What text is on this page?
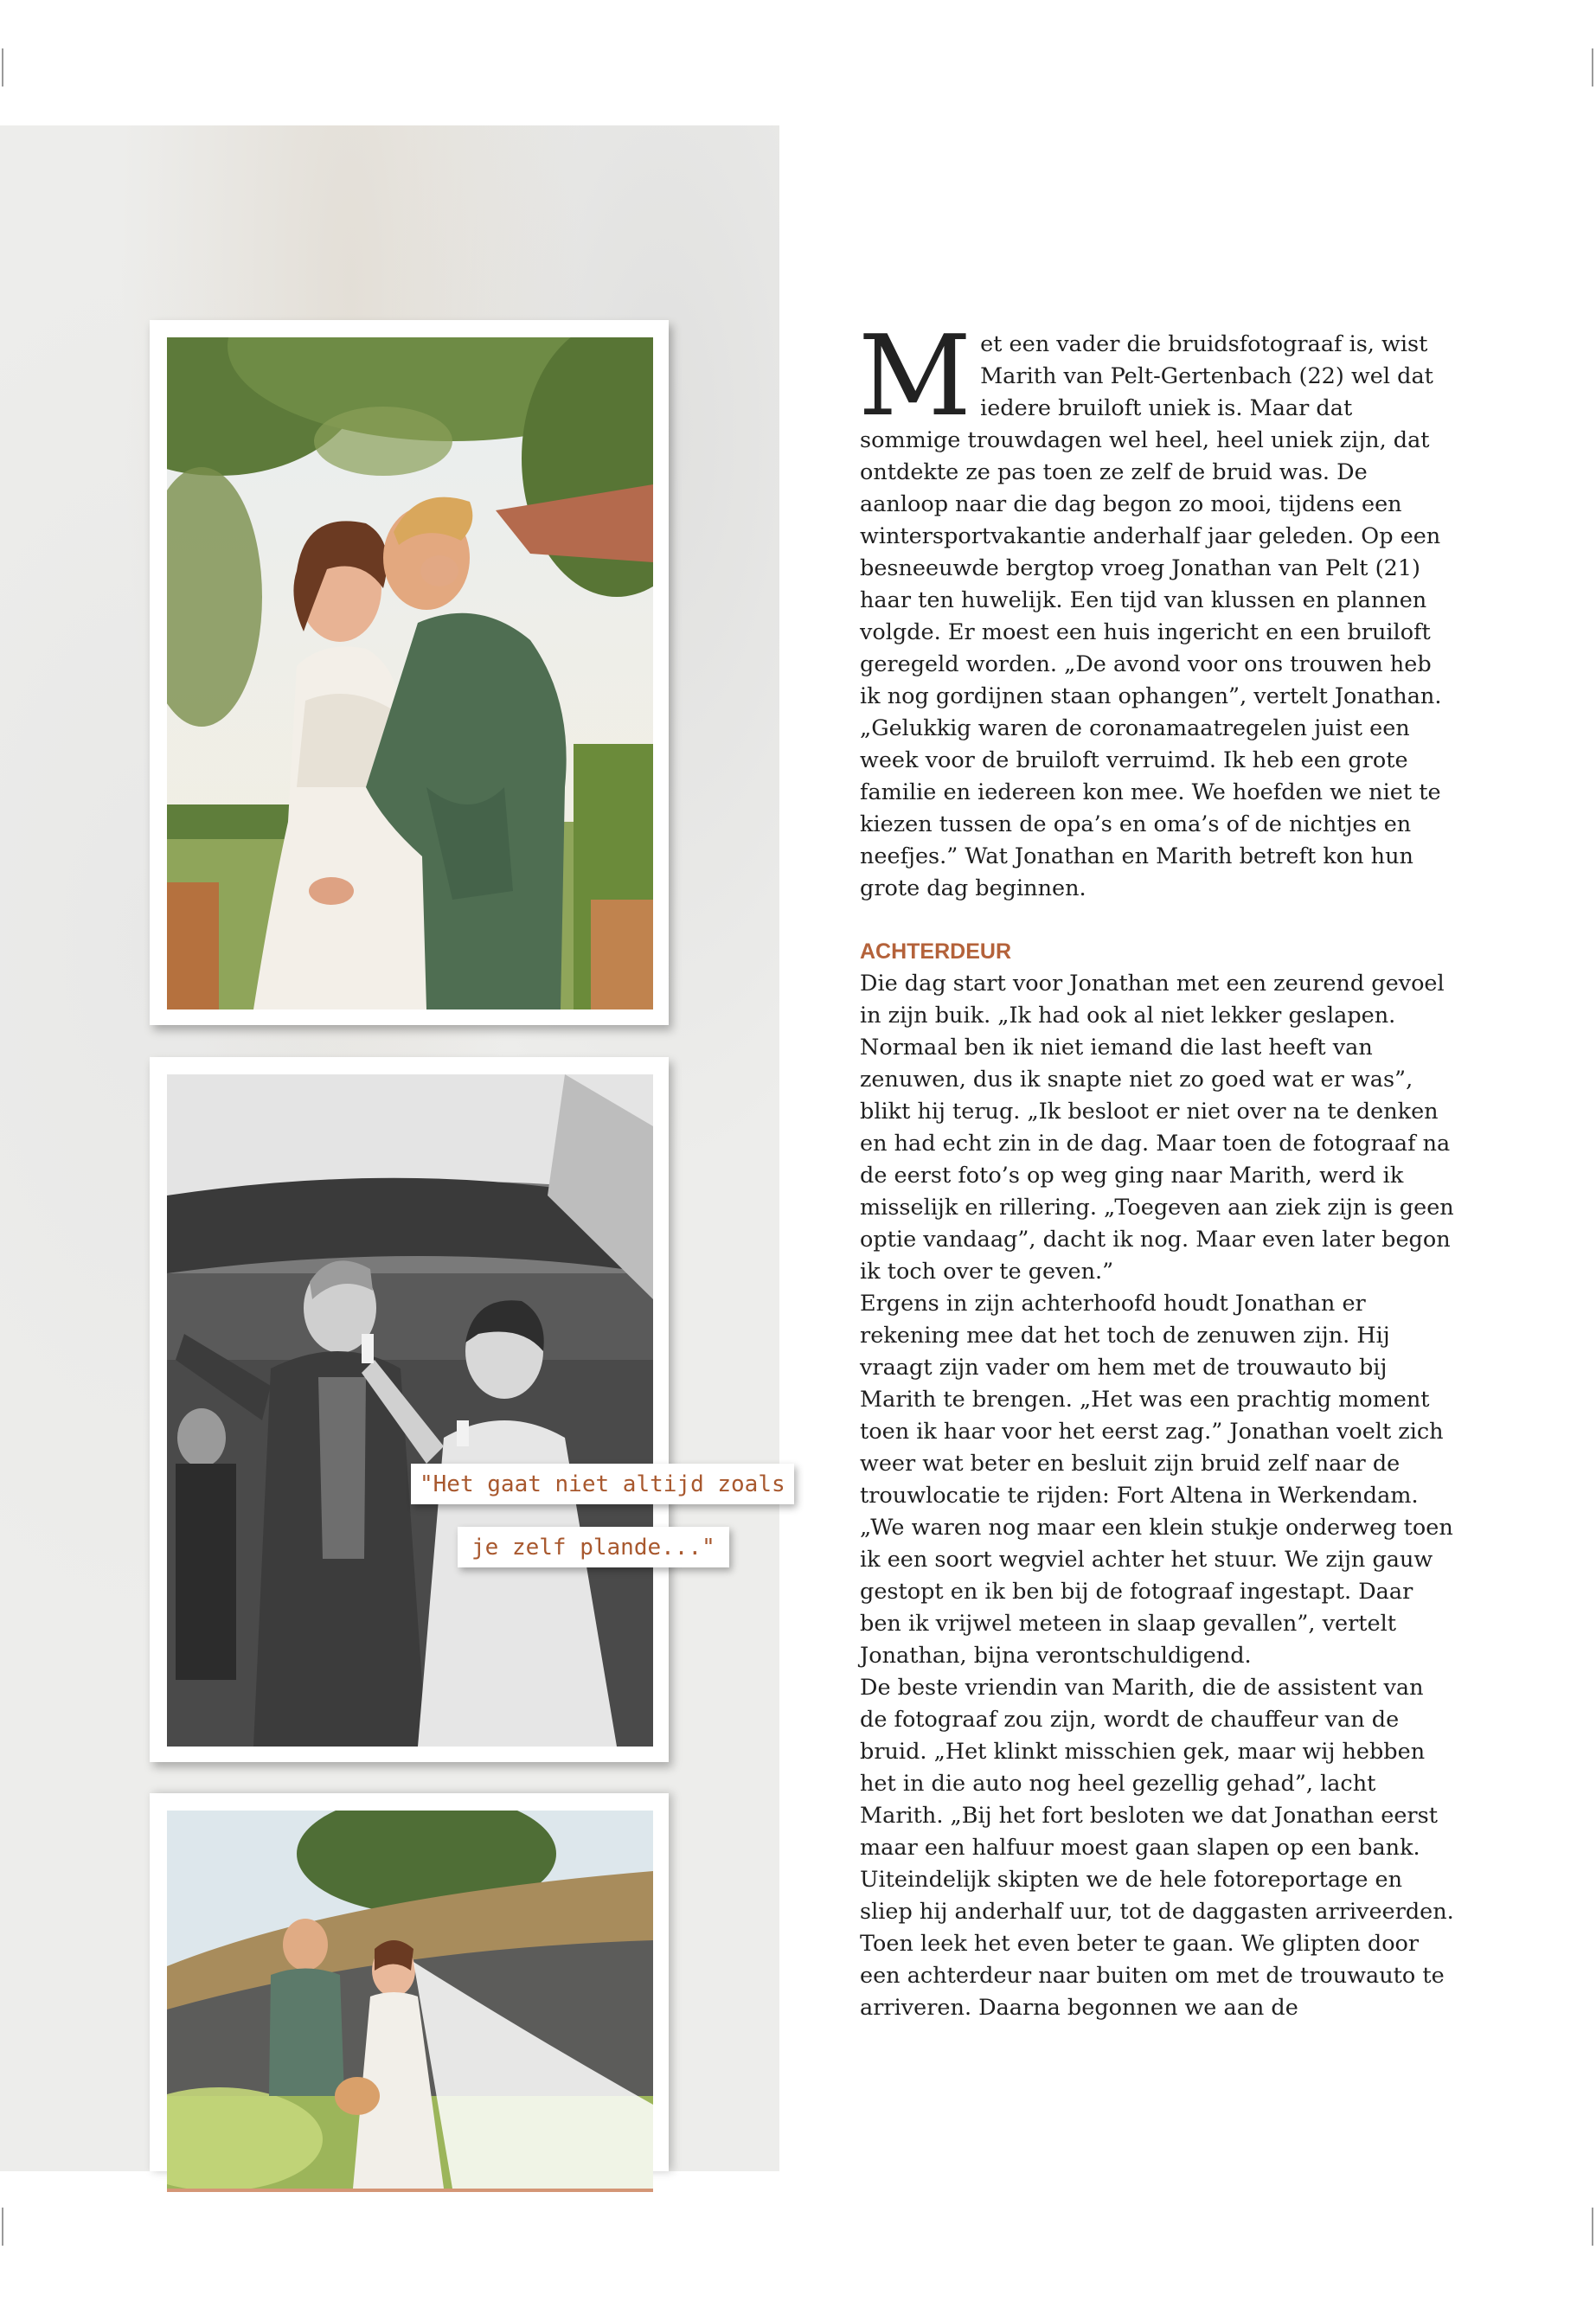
"Het gaat niet altijd zoals
je zelf plande..."

Met een vader die bruidsfotograaf is, wist Marith van Pelt-Gertenbach (22) wel dat iedere bruiloft uniek is. Maar dat sommige trouwdagen wel heel, heel uniek zijn, dat ontdekte ze pas toen ze zelf de bruid was. De aanloop naar die dag begon zo mooi, tijdens een wintersportvakantie anderhalf jaar geleden. Op een besneeuwde bergtop vroeg Jonathan van Pelt (21) haar ten huwelijk. Een tijd van klussen en plannen volgde. Er moest een huis ingericht en een bruiloft geregeld worden. „De avond voor ons trouwen heb ik nog gordijnen staan ophangen”, vertelt Jonathan. „Gelukkig waren de coronamaatregelen juist een week voor de bruiloft verruimd. Ik heb een grote familie en iedereen kon mee. We hoefden we niet te kiezen tussen de opa’s en oma’s of de nichtjes en neefjes.” Wat Jonathan en Marith betreft kon hun grote dag beginnen.

ACHTERDEUR

Die dag start voor Jonathan met een zeurend gevoel in zijn buik. „Ik had ook al niet lekker geslapen. Normaal ben ik niet iemand die last heeft van zenuwen, dus ik snapte niet zo goed wat er was”, blikt hij terug. „Ik besloot er niet over na te denken en had echt zin in de dag. Maar toen de fotograaf na de eerst foto’s op weg ging naar Marith, werd ik misselijk en rillering. „Toegeven aan ziek zijn is geen optie vandaag”, dacht ik nog. Maar even later begon ik toch over te geven.”

Ergens in zijn achterhoofd houdt Jonathan er rekening mee dat het toch de zenuwen zijn. Hij vraagt zijn vader om hem met de trouwauto bij Marith te brengen. „Het was een prachtig moment toen ik haar voor het eerst zag.” Jonathan voelt zich weer wat beter en besluit zijn bruid zelf naar de trouwlocatie te rijden: Fort Altena in Werkendam. „We waren nog maar een klein stukje onderweg toen ik een soort wegviel achter het stuur. We zijn gauw gestopt en ik ben bij de fotograaf ingestapt. Daar ben ik vrijwel meteen in slaap gevallen”, vertelt Jonathan, bijna verontschuldigend.

De beste vriendin van Marith, die de assistent van de fotograaf zou zijn, wordt de chauffeur van de bruid. „Het klinkt misschien gek, maar wij hebben het in die auto nog heel gezellig gehad”, lacht Marith. „Bij het fort besloten we dat Jonathan eerst maar een halfuur moest gaan slapen op een bank. Uiteindelijk skipten we de hele fotoreportage en sliep hij anderhalf uur, tot de daggasten arriveerden. Toen leek het even beter te gaan. We glipten door een achterdeur naar buiten om met de trouwauto te arriveren. Daarna begonnen we aan de
